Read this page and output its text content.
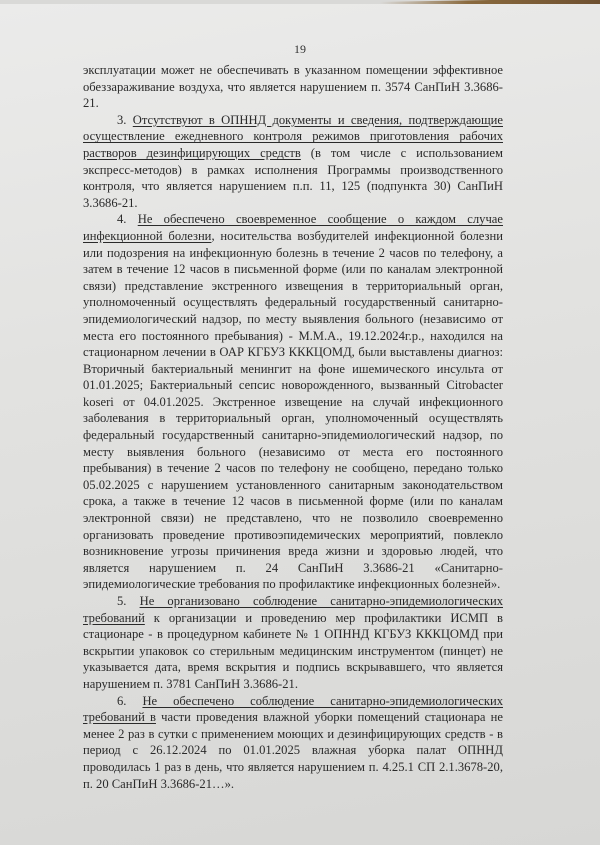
19

эксплуатации может не обеспечивать в указанном помещении эффективное обеззараживание воздуха, что является нарушением п. 3574 СанПиН 3.3686-21.

3. Отсутствуют в ОПННД документы и сведения, подтверждающие осуществление ежедневного контроля режимов приготовления рабочих растворов дезинфицирующих средств (в том числе с использованием экспресс-методов) в рамках исполнения Программы производственного контроля, что является нарушением п.п. 11, 125 (подпункта 30) СанПиН 3.3686-21.

4. Не обеспечено своевременное сообщение о каждом случае инфекционной болезни, носительства возбудителей инфекционной болезни или подозрения на инфекционную болезнь в течение 2 часов по телефону, а затем в течение 12 часов в письменной форме (или по каналам электронной связи) представление экстренного извещения в территориальный орган, уполномоченный осуществлять федеральный государственный санитарно-эпидемиологический надзор, по месту выявления больного (независимо от места его постоянного пребывания) - М.М.А., 19.12.2024г.р., находился на стационарном лечении в ОАР КГБУЗ КККЦОМД, были выставлены диагноз: Вторичный бактериальный менингит на фоне ишемического инсульта от 01.01.2025; Бактериальный сепсис новорожденного, вызванный Citrobacter koseri от 04.01.2025. Экстренное извещение на случай инфекционного заболевания в территориальный орган, уполномоченный осуществлять федеральный государственный санитарно-эпидемиологический надзор, по месту выявления больного (независимо от места его постоянного пребывания) в течение 2 часов по телефону не сообщено, передано только 05.02.2025 с нарушением установленного санитарным законодательством срока, а также в течение 12 часов в письменной форме (или по каналам электронной связи) не представлено, что не позволило своевременно организовать проведение противоэпидемических мероприятий, повлекло возникновение угрозы причинения вреда жизни и здоровью людей, что является нарушением п. 24 СанПиН 3.3686-21 «Санитарно-эпидемиологические требования по профилактике инфекционных болезней».

5. Не организовано соблюдение санитарно-эпидемиологических требований к организации и проведению мер профилактики ИСМП в стационаре - в процедурном кабинете № 1 ОПННД КГБУЗ КККЦОМД при вскрытии упаковок со стерильным медицинским инструментом (пинцет) не указывается дата, время вскрытия и подпись вскрывавшего, что является нарушением п. 3781 СанПиН 3.3686-21.

6. Не обеспечено соблюдение санитарно-эпидемиологических требований в части проведения влажной уборки помещений стационара не менее 2 раз в сутки с применением моющих и дезинфицирующих средств - в период с 26.12.2024 по 01.01.2025 влажная уборка палат ОПННД проводилась 1 раз в день, что является нарушением п. 4.25.1 СП 2.1.3678-20, п. 20 СанПиН 3.3686-21…».
